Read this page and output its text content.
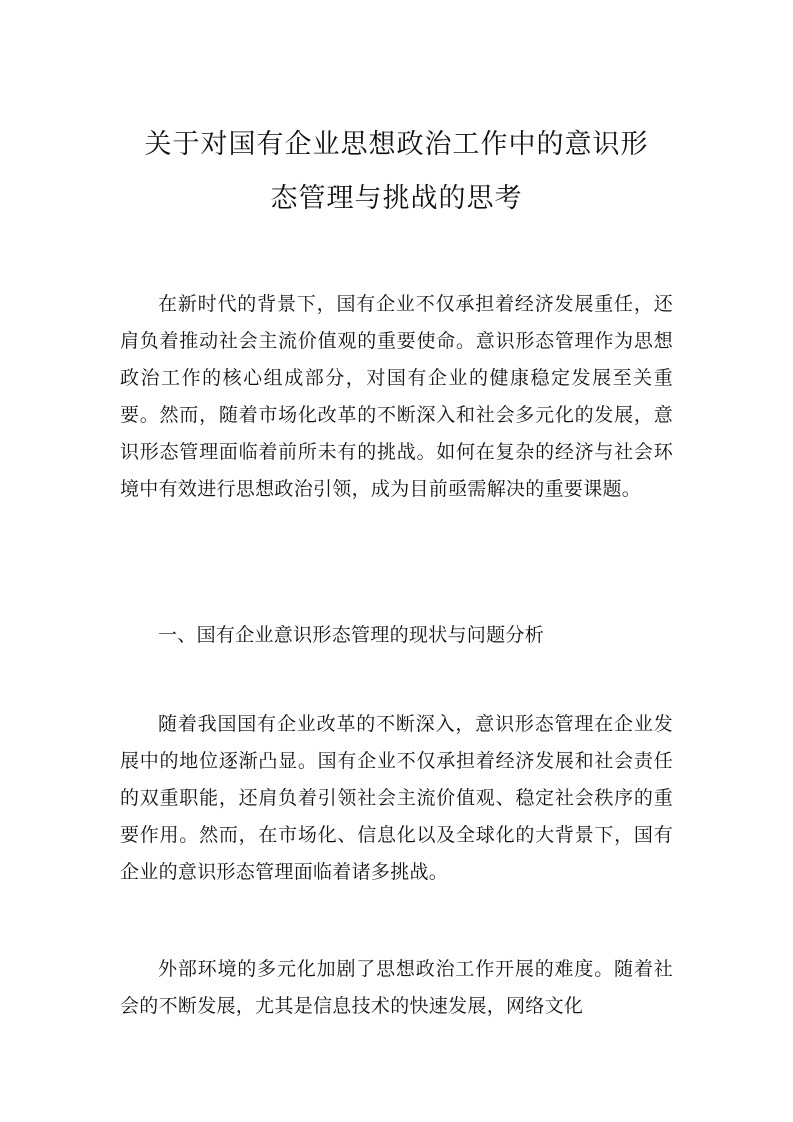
关于对国有企业思想政治工作中的意识形
态管理与挑战的思考

在新时代的背景下，国有企业不仅承担着经济发展重任，还肩负着推动社会主流价值观的重要使命。意识形态管理作为思想政治工作的核心组成部分，对国有企业的健康稳定发展至关重要。然而，随着市场化改革的不断深入和社会多元化的发展，意识形态管理面临着前所未有的挑战。如何在复杂的经济与社会环境中有效进行思想政治引领，成为目前亟需解决的重要课题。

一、国有企业意识形态管理的现状与问题分析

随着我国国有企业改革的不断深入，意识形态管理在企业发展中的地位逐渐凸显。国有企业不仅承担着经济发展和社会责任的双重职能，还肩负着引领社会主流价值观、稳定社会秩序的重要作用。然而，在市场化、信息化以及全球化的大背景下，国有企业的意识形态管理面临着诸多挑战。

外部环境的多元化加剧了思想政治工作开展的难度。随着社会的不断发展，尤其是信息技术的快速发展，网络文化
